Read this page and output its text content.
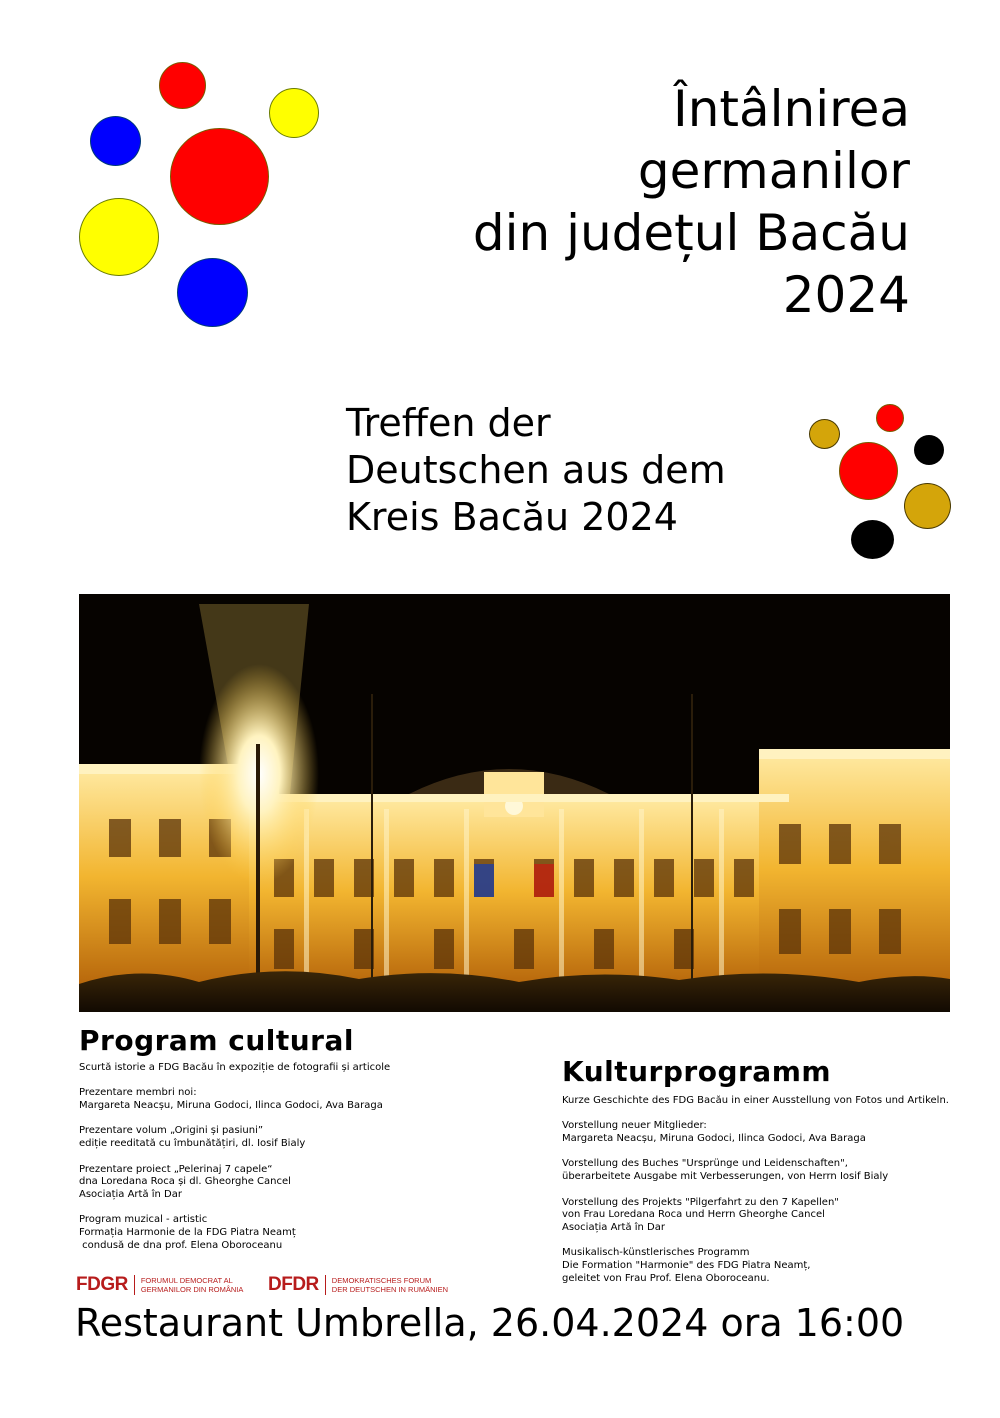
Întâlnirea
germanilor
din județul Bacău
2024
Treffen der
Deutschen aus dem
Kreis Bacău 2024
Program cultural
Scurtă istorie a FDG Bacău în expoziție de fotografii și articole
Prezentare membri noi:
Margareta Neacșu, Miruna Godoci, Ilinca Godoci, Ava Baraga
Prezentare volum „Origini și pasiuni”
ediție reeditată cu îmbunătățiri, dl. Iosif Bialy
Prezentare proiect „Pelerinaj 7 capele“
dna Loredana Roca și dl. Gheorghe Cancel
Asociația Artă în Dar
Program muzical - artistic
Formația Harmonie de la FDG Piatra Neamț
condusă de dna prof. Elena Oboroceanu
Kulturprogramm
Kurze Geschichte des FDG Bacău in einer Ausstellung von Fotos und Artikeln.
Vorstellung neuer Mitglieder:
Margareta Neacșu, Miruna Godoci, Ilinca Godoci, Ava Baraga
Vorstellung des Buches "Ursprünge und Leidenschaften",
überarbeitete Ausgabe mit Verbesserungen, von Herrn Iosif Bialy
Vorstellung des Projekts "Pilgerfahrt zu den 7 Kapellen"
von Frau Loredana Roca und Herrn Gheorghe Cancel
Asociația Artă în Dar
Musikalisch-künstlerisches Programm
Die Formation "Harmonie" des FDG Piatra Neamț,
geleitet von Frau Prof. Elena Oboroceanu.
FDGR FORUMUL DEMOCRAT AL
GERMANILOR DIN ROMÂNIA DFDR DEMOKRATISCHES FORUM
DER DEUTSCHEN IN RUMÄNIEN
Restaurant Umbrella, 26.04.2024 ora 16:00
